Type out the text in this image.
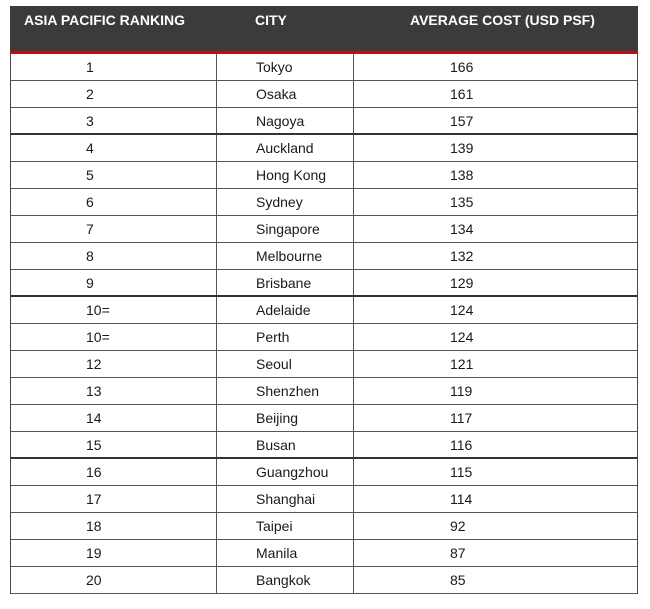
ASIA PACIFIC RANKING	CITY	AVERAGE COST (USD PSF)
1	Tokyo	166
2	Osaka	161
3	Nagoya	157
4	Auckland	139
5	Hong Kong	138
6	Sydney	135
7	Singapore	134
8	Melbourne	132
9	Brisbane	129
10=	Adelaide	124
10=	Perth	124
12	Seoul	121
13	Shenzhen	119
14	Beijing	117
15	Busan	116
16	Guangzhou	115
17	Shanghai	114
18	Taipei	92
19	Manila	87
20	Bangkok	85
